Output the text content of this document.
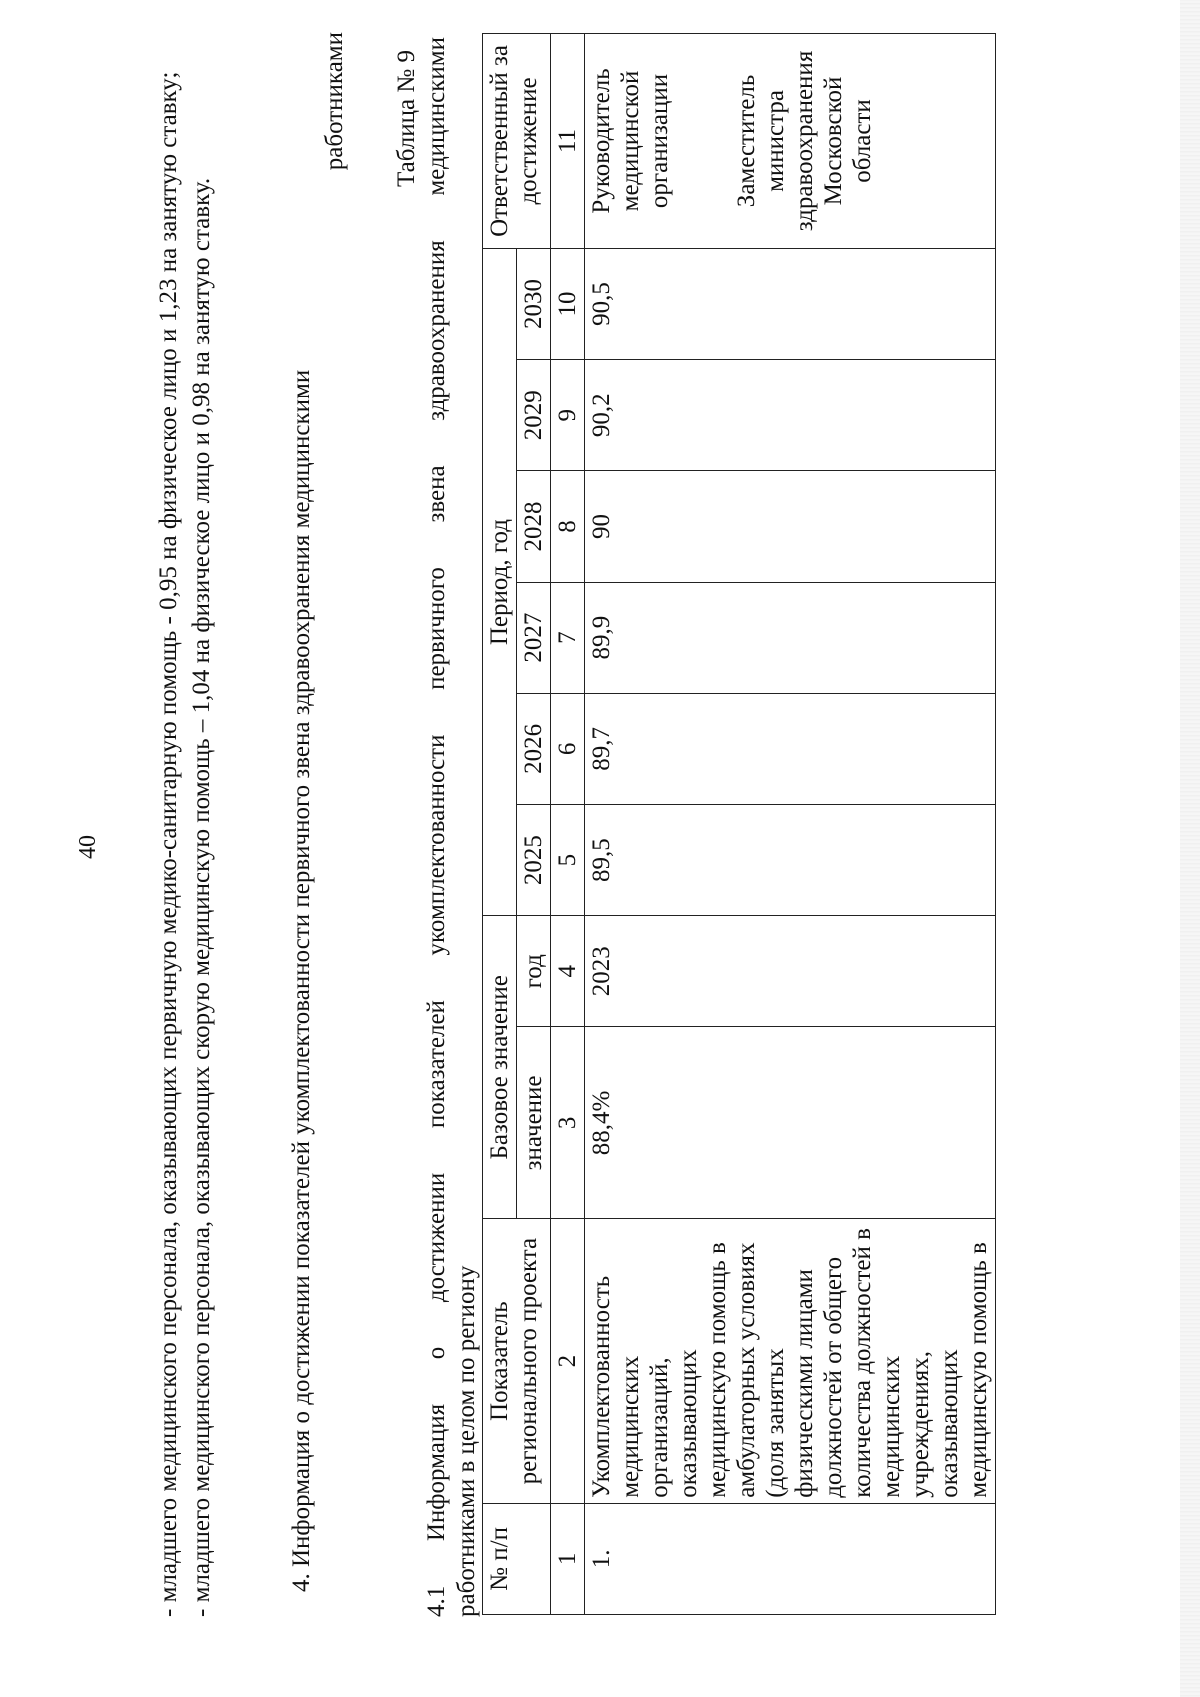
40 - младшего медицинского персонала, оказывающих первичную медико-санитарную помощь - 0,95 на физическое лицо и 1,23 на занятую ставку; - младшего медицинского персонала, оказывающих скорую медицинскую помощь – 1,04 на физическое лицо и 0,98 на занятую ставку.	4. Информация о достижении показателей укомплектованности первичного звена здравоохранения медицинскими
работниками Таблица № 9 4.1 Информация о достижении показателей укомплектованности первичного звена здравоохранения медицинскими работниками в целом по региону № п/п	Показатель регионального проекта	Базовое значение		Период, год						Ответственный за достижение
		значение	год	2025	2026	2027	2028	2029	2030	
1	2	3	4	5	6	7	8	9	10	11
1.	Укомплектованность медицинских организаций, оказывающих медицинскую помощь в амбулаторных условиях (доля занятых физическими лицами должностей от общего количества должностей в медицинских учреждениях, оказывающих медицинскую помощь в	88,4%	2023	89,5	89,7	89,9	90	90,2	90,5	Руководитель медицинской организации Заместитель министра здравоохранения Московской области
